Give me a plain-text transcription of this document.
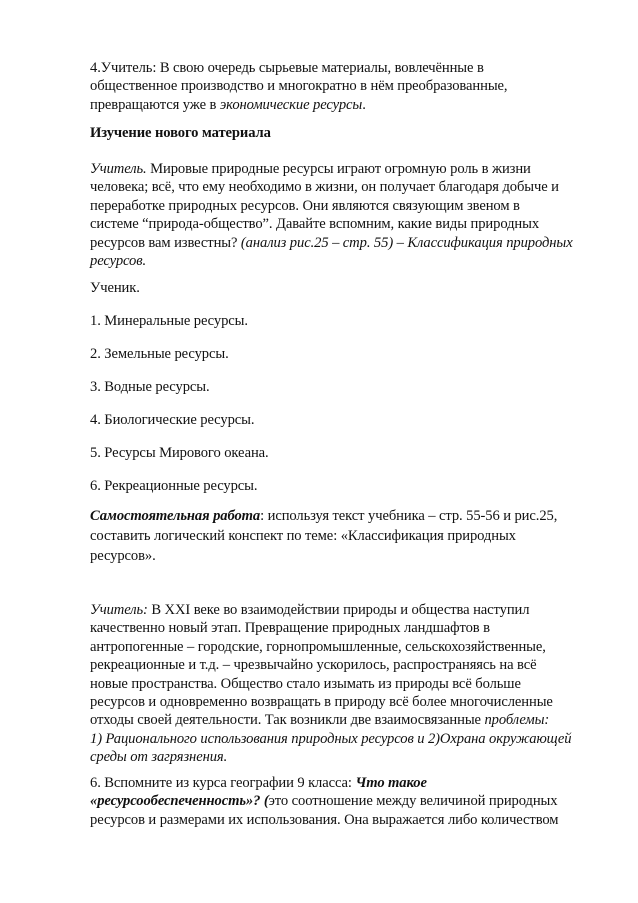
4.Учитель: В свою очередь сырьевые материалы, вовлечённые в
общественное производство и многократно в нём преобразованные,
превращаются уже в экономические ресурсы.

Изучение нового материала

Учитель. Мировые природные ресурсы играют огромную роль в жизни
человека; всё, что ему необходимо в жизни, он получает благодаря добыче и
переработке природных ресурсов. Они являются связующим звеном в
системе “природа-общество”. Давайте вспомним, какие виды природных
ресурсов вам известны? (анализ рис.25 – стр. 55) – Классификация природных
ресурсов.

Ученик.

1. Минеральные ресурсы.

2. Земельные ресурсы.

3. Водные ресурсы.

4. Биологические ресурсы.

5. Ресурсы Мирового океана.

6. Рекреационные ресурсы.

Самостоятельная работа: используя текст учебника – стр. 55-56 и рис.25,
составить логический конспект по теме: «Классификация природных
ресурсов».

Учитель: В XXI веке во взаимодействии природы и общества наступил
качественно новый этап. Превращение природных ландшафтов в
антропогенные – городские, горнопромышленные, сельскохозяйственные,
рекреационные и т.д. – чрезвычайно ускорилось, распространяясь на всё
новые пространства. Общество стало изымать из природы всё больше
ресурсов и одновременно возвращать в природу всё более многочисленные
отходы своей деятельности. Так возникли две взаимосвязанные проблемы:
1) Рационального использования природных ресурсов и 2)Охрана окружающей
среды от загрязнения.

6. Вспомните из курса географии 9 класса: Что такое
«ресурсообеспеченность»? (это соотношение между величиной природных
ресурсов и размерами их использования. Она выражается либо количеством
